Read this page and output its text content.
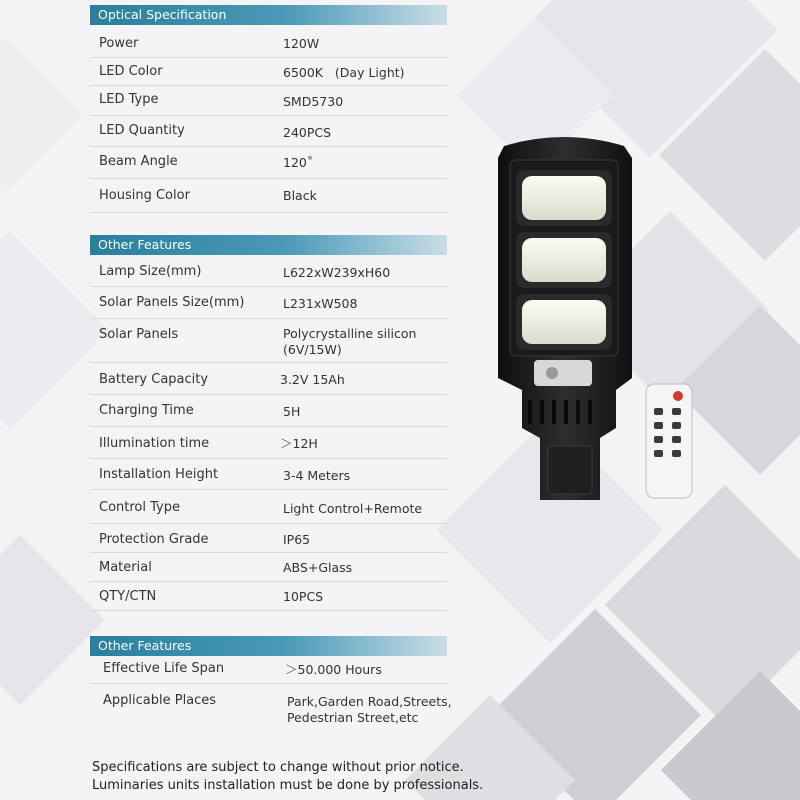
Optical Specification
Power	120W
LED Color	6500K   (Day Light)
LED Type	SMD5730
LED Quantity	240PCS
Beam Angle	120˚
Housing Color	Black
Other Features
Lamp Size(mm)	L622xW239xH60
Solar Panels Size(mm)	L231xW508
Solar Panels	Polycrystalline silicon
(6V/15W)
Battery Capacity	3.2V 15Ah
Charging Time	5H
Illumination time	＞12H
Installation Height	3-4 Meters
Control Type	Light Control+Remote
Protection Grade	IP65
Material	ABS+Glass
QTY/CTN	10PCS
Other Features
Effective Life Span	＞50.000 Hours
Applicable Places	Park,Garden Road,Streets,
Pedestrian Street,etc
Specifications are subject to change without prior notice.
Luminaries units installation must be done by professionals.
